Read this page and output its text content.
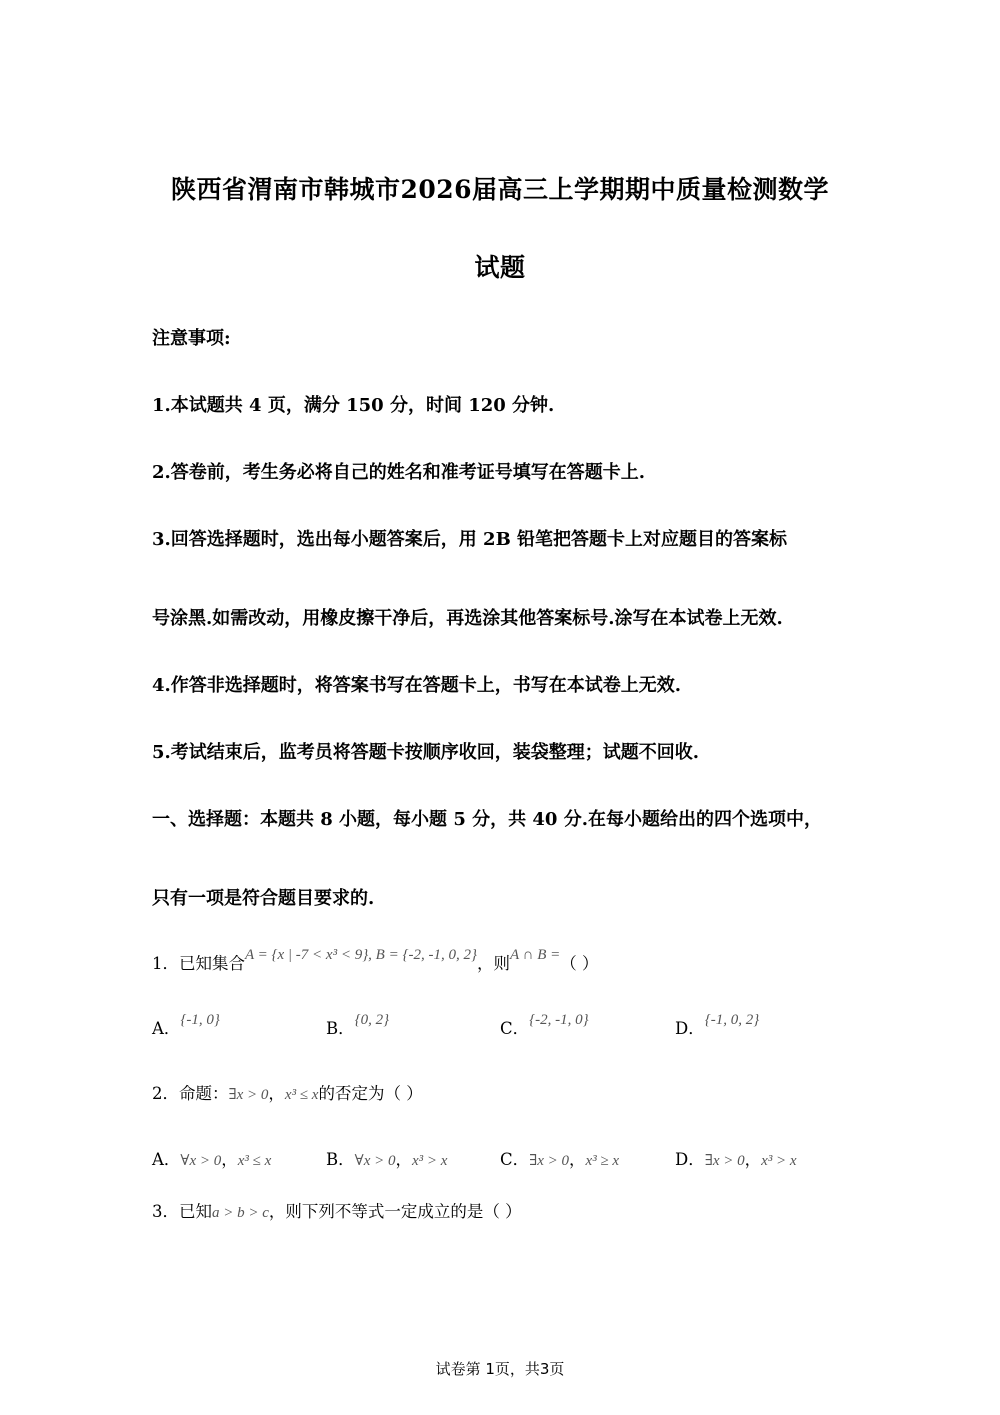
陕西省渭南市韩城市2026届高三上学期期中质量检测数学
试题
注意事项:
1.本试题共 4 页，满分 150 分，时间 120 分钟.
2.答卷前，考生务必将自己的姓名和准考证号填写在答题卡上.
3.回答选择题时，选出每小题答案后，用 2B 铅笔把答题卡上对应题目的答案标
号涂黑.如需改动，用橡皮擦干净后，再选涂其他答案标号.涂写在本试卷上无效.
4.作答非选择题时，将答案书写在答题卡上，书写在本试卷上无效.
5.考试结束后，监考员将答题卡按顺序收回，装袋整理；试题不回收.
一、选择题：本题共 8 小题，每小题 5 分，共 40 分.在每小题给出的四个选项中，
只有一项是符合题目要求的.
1．已知集合A = {x | -7 < x³ < 9}, B = {-2, -1, 0, 2}，则A ∩ B =（ ）
A．{-1, 0}	B．{0, 2}	C．{-2, -1, 0}	D．{-1, 0, 2}
2．命题：∃x > 0，x³ ≤ x的否定为（ ）
A．∀x > 0，x³ ≤ x	B．∀x > 0，x³ > x	C．∃x > 0，x³ ≥ x	D．∃x > 0，x³ > x
3．已知a > b > c，则下列不等式一定成立的是（ ）
试卷第 1页，共3页
